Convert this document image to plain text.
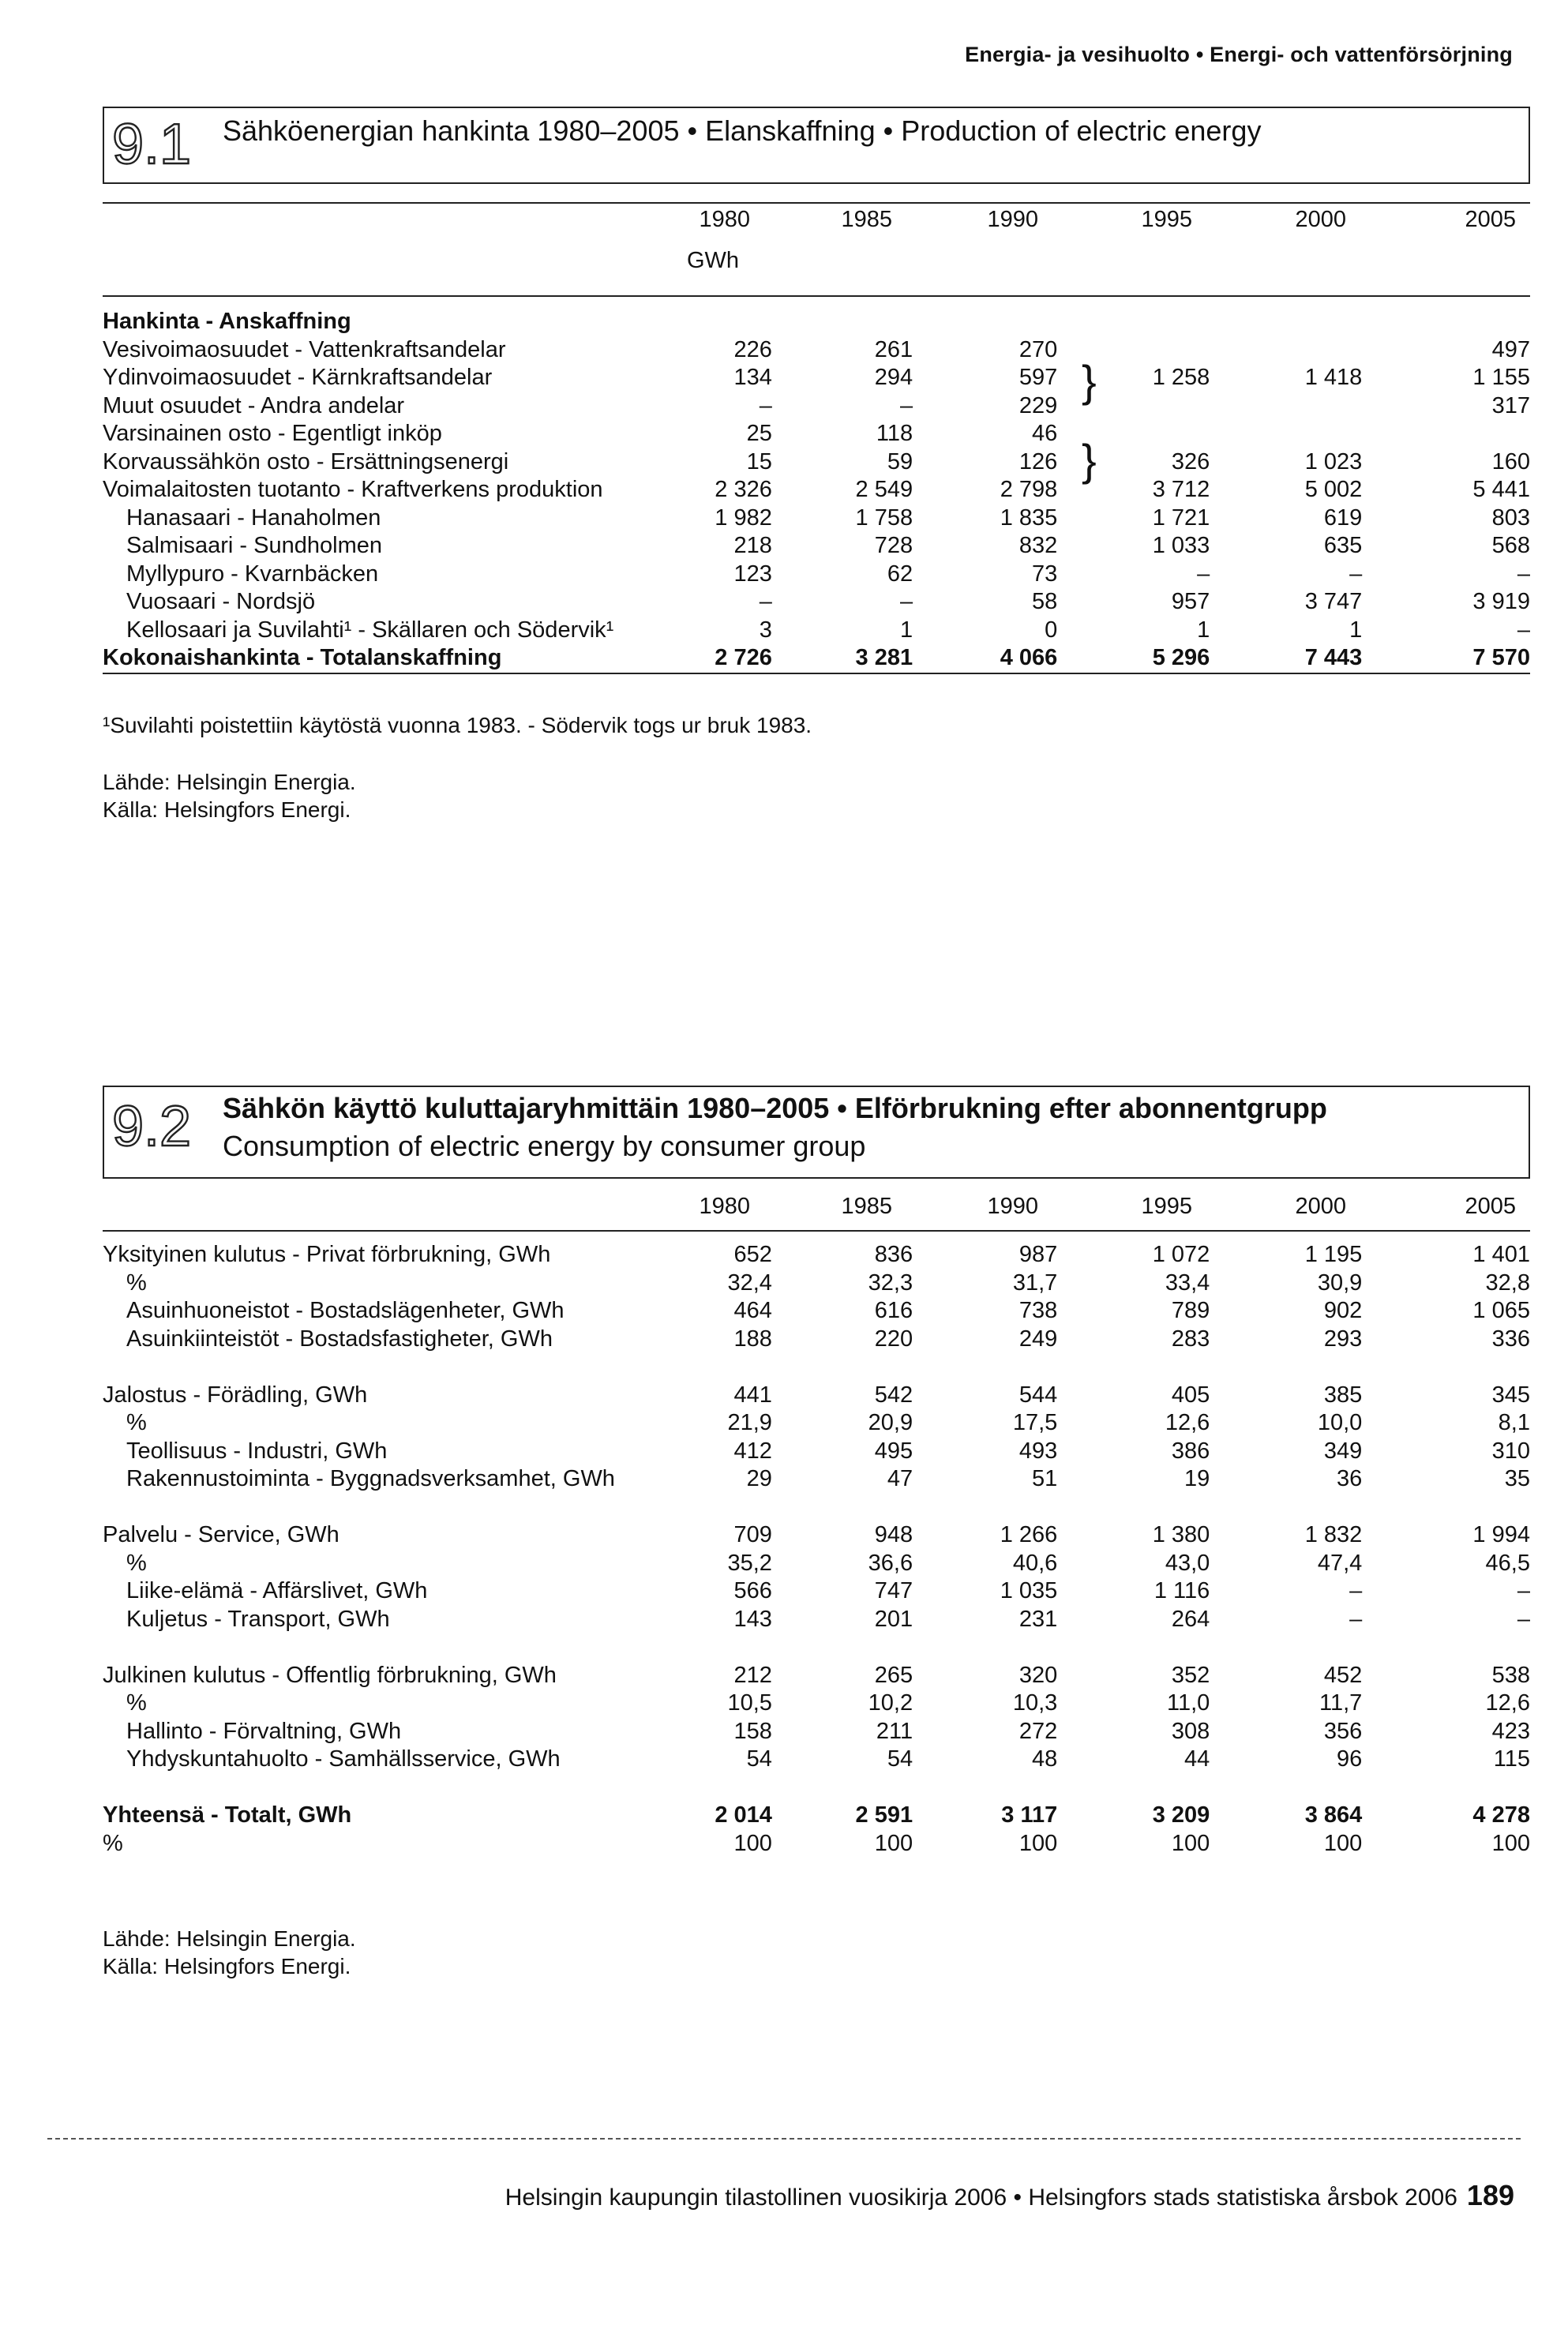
Energia- ja vesihuolto • Energi- och vattenförsörjning
9.1 Sähköenergian hankinta 1980–2005 • Elanskaffning • Production of electric energy
1980	1985	1990	1995	2000	2005
GWh
Hankinta - Anskaffning						
Vesivoimaosuudet - Vattenkraftsandelar	226	261	270			497
Ydinvoimaosuudet - Kärnkraftsandelar	134	294	597	1 258	1 418	1 155
Muut osuudet - Andra andelar	–	–	229			317
Varsinainen osto - Egentligt inköp	25	118	46			
Korvaussähkön osto - Ersättningsenergi	15	59	126	326	1 023	160
Voimalaitosten tuotanto - Kraftverkens produktion	2 326	2 549	2 798	3 712	5 002	5 441
Hanasaari - Hanaholmen	1 982	1 758	1 835	1 721	619	803
Salmisaari - Sundholmen	218	728	832	1 033	635	568
Myllypuro - Kvarnbäcken	123	62	73	–	–	–
Vuosaari - Nordsjö	–	–	58	957	3 747	3 919
Kellosaari ja Suvilahti¹ - Skällaren och Södervik¹	3	1	0	1	1	–
Kokonaishankinta - Totalanskaffning	2 726	3 281	4 066	5 296	7 443	7 570
}
}
¹Suvilahti poistettiin käytöstä vuonna 1983. - Södervik togs ur bruk 1983.
Lähde: Helsingin Energia.
Källa: Helsingfors Energi.
9.2 Sähkön käyttö kuluttajaryhmittäin 1980–2005 • Elförbrukning efter abonnentgrupp
Consumption of electric energy by consumer group
1980	1985	1990	1995	2000	2005
Yksityinen kulutus - Privat förbrukning, GWh	652	836	987	1 072	1 195	1 401
%	32,4	32,3	31,7	33,4	30,9	32,8
Asuinhuoneistot - Bostadslägenheter, GWh	464	616	738	789	902	1 065
Asuinkiinteistöt - Bostadsfastigheter, GWh	188	220	249	283	293	336

Jalostus - Förädling, GWh	441	542	544	405	385	345
%	21,9	20,9	17,5	12,6	10,0	8,1
Teollisuus - Industri, GWh	412	495	493	386	349	310
Rakennustoiminta - Byggnadsverksamhet, GWh	29	47	51	19	36	35

Palvelu - Service, GWh	709	948	1 266	1 380	1 832	1 994
%	35,2	36,6	40,6	43,0	47,4	46,5
Liike-elämä - Affärslivet, GWh	566	747	1 035	1 116	–	–
Kuljetus - Transport, GWh	143	201	231	264	–	–

Julkinen kulutus - Offentlig förbrukning, GWh	212	265	320	352	452	538
%	10,5	10,2	10,3	11,0	11,7	12,6
Hallinto - Förvaltning, GWh	158	211	272	308	356	423
Yhdyskuntahuolto - Samhällsservice, GWh	54	54	48	44	96	115

Yhteensä - Totalt, GWh	2 014	2 591	3 117	3 209	3 864	4 278
%	100	100	100	100	100	100
Lähde: Helsingin Energia.
Källa: Helsingfors Energi.
Helsingin kaupungin tilastollinen vuosikirja 2006 • Helsingfors stads statistiska årsbok 2006 189
